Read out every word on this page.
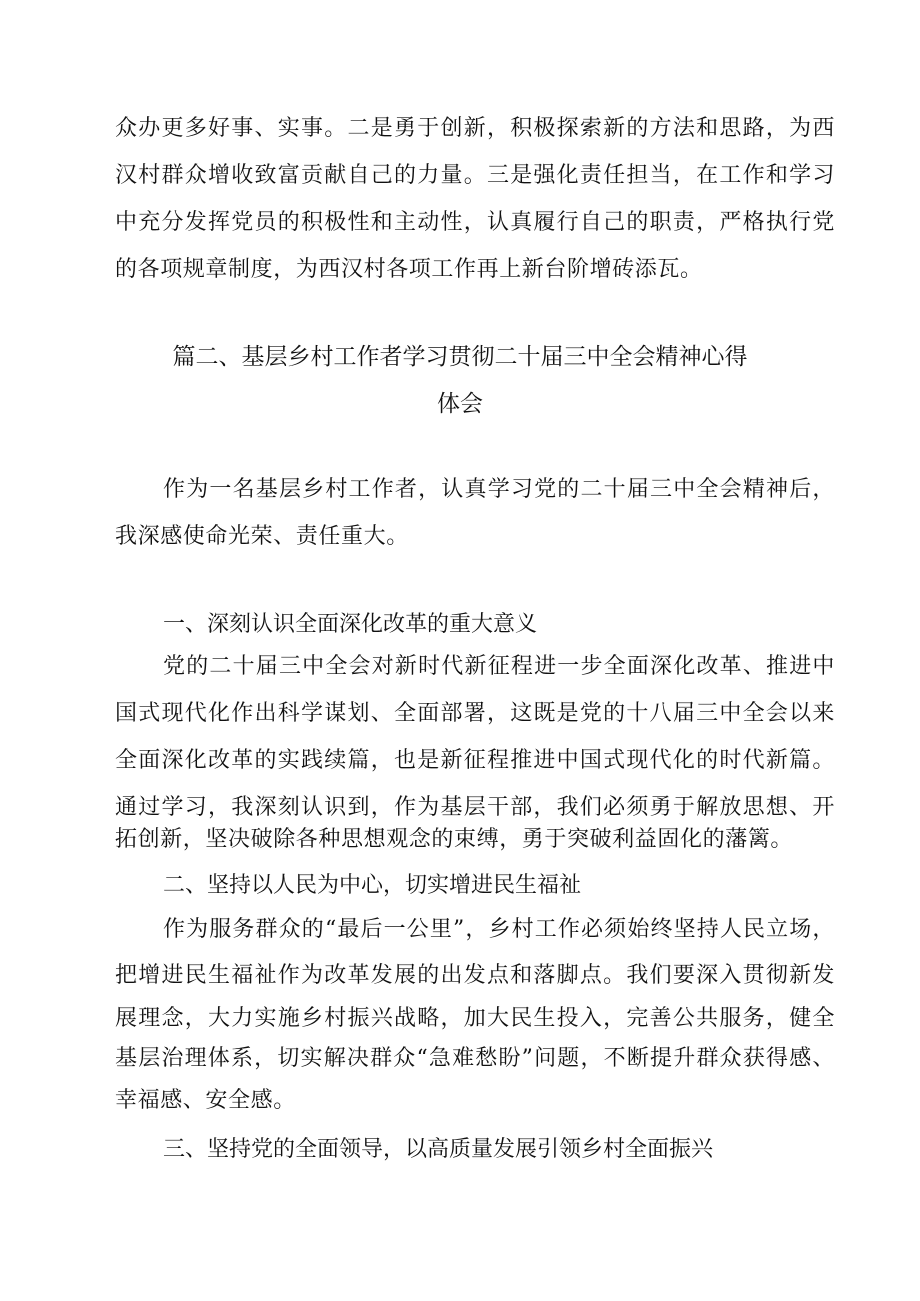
众办更多好事、实事。二是勇于创新，积极探索新的方法和思路，为西
汉村群众增收致富贡献自己的力量。三是强化责任担当，在工作和学习
中充分发挥党员的积极性和主动性，认真履行自己的职责，严格执行党
的各项规章制度，为西汉村各项工作再上新台阶增砖添瓦。
篇二、基层乡村工作者学习贯彻二十届三中全会精神心得
体会
作为一名基层乡村工作者，认真学习党的二十届三中全会精神后，
我深感使命光荣、责任重大。
一、深刻认识全面深化改革的重大意义
党的二十届三中全会对新时代新征程进一步全面深化改革、推进中
国式现代化作出科学谋划、全面部署，这既是党的十八届三中全会以来
全面深化改革的实践续篇，也是新征程推进中国式现代化的时代新篇。
通过学习，我深刻认识到，作为基层干部，我们必须勇于解放思想、开
拓创新，坚决破除各种思想观念的束缚，勇于突破利益固化的藩篱。
二、坚持以人民为中心，切实增进民生福祉
作为服务群众的“最后一公里”，乡村工作必须始终坚持人民立场，
把增进民生福祉作为改革发展的出发点和落脚点。我们要深入贯彻新发
展理念，大力实施乡村振兴战略，加大民生投入，完善公共服务，健全
基层治理体系，切实解决群众“急难愁盼”问题，不断提升群众获得感、
幸福感、安全感。
三、坚持党的全面领导，以高质量发展引领乡村全面振兴
